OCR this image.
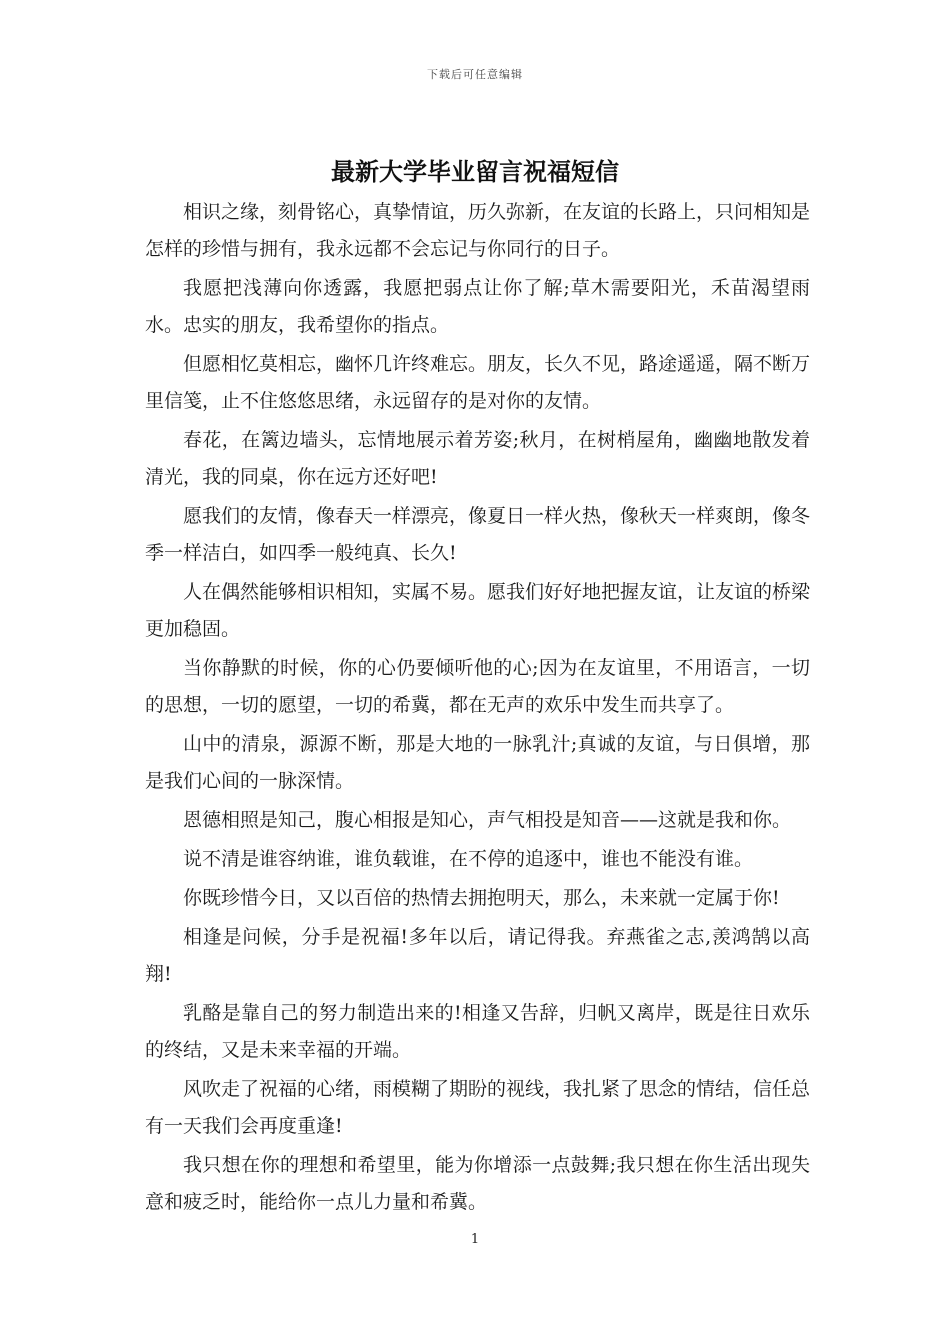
下载后可任意编辑
最新大学毕业留言祝福短信

相识之缘，刻骨铭心，真挚情谊，历久弥新，在友谊的长路上，只问相知是怎样的珍惜与拥有，我永远都不会忘记与你同行的日子。

我愿把浅薄向你透露，我愿把弱点让你了解;草木需要阳光，禾苗渴望雨水。忠实的朋友，我希望你的指点。

但愿相忆莫相忘，幽怀几许终难忘。朋友，长久不见，路途遥遥，隔不断万里信笺，止不住悠悠思绪，永远留存的是对你的友情。

春花，在篱边墙头，忘情地展示着芳姿;秋月，在树梢屋角，幽幽地散发着清光，我的同桌，你在远方还好吧!

愿我们的友情，像春天一样漂亮，像夏日一样火热，像秋天一样爽朗，像冬季一样洁白，如四季一般纯真、长久!

人在偶然能够相识相知，实属不易。愿我们好好地把握友谊，让友谊的桥梁更加稳固。

当你静默的时候，你的心仍要倾听他的心;因为在友谊里，不用语言，一切的思想，一切的愿望，一切的希冀，都在无声的欢乐中发生而共享了。

山中的清泉，源源不断，那是大地的一脉乳汁;真诚的友谊，与日俱增，那是我们心间的一脉深情。

恩德相照是知己，腹心相报是知心，声气相投是知音——这就是我和你。

说不清是谁容纳谁，谁负载谁，在不停的追逐中，谁也不能没有谁。

你既珍惜今日，又以百倍的热情去拥抱明天，那么，未来就一定属于你!

相逢是问候，分手是祝福!多年以后，请记得我。弃燕雀之志,羡鸿鹄以高翔!

乳酪是靠自己的努力制造出来的!相逢又告辞，归帆又离岸，既是往日欢乐的终结，又是未来幸福的开端。

风吹走了祝福的心绪，雨模糊了期盼的视线，我扎紧了思念的情结，信任总有一天我们会再度重逢!

我只想在你的理想和希望里，能为你增添一点鼓舞;我只想在你生活出现失意和疲乏时，能给你一点儿力量和希冀。

1
